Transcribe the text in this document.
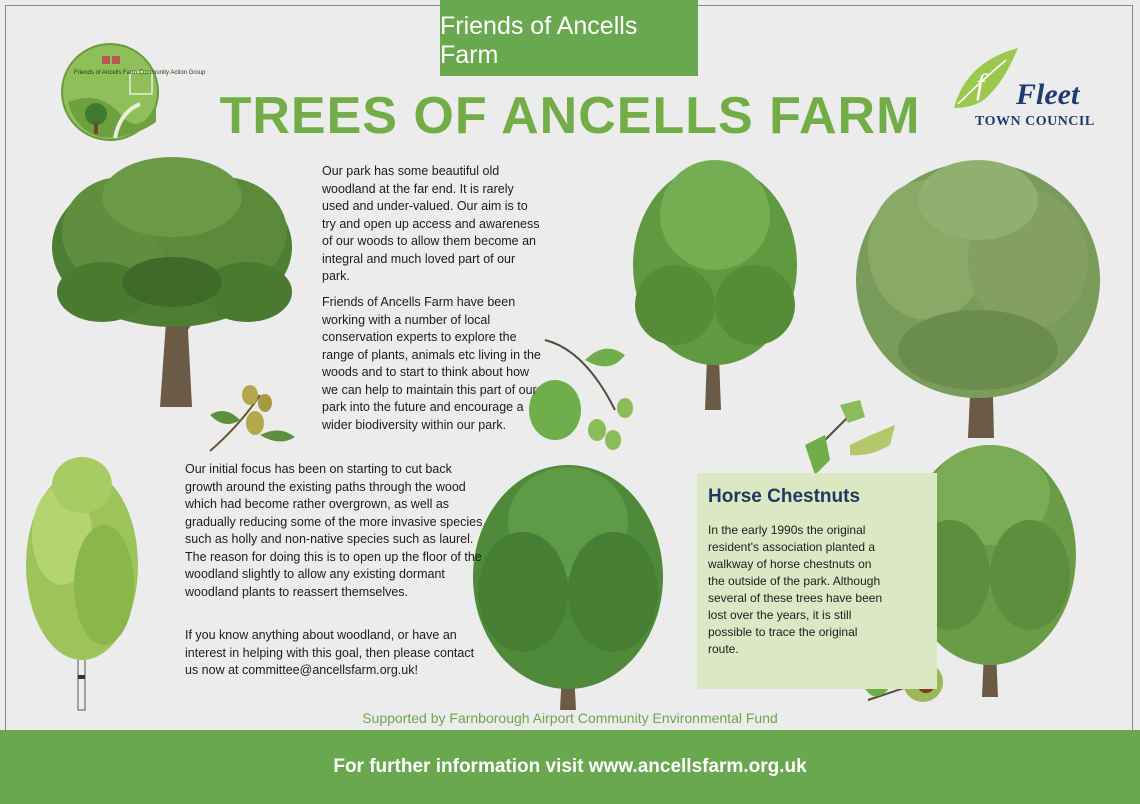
Friends of Ancells Farm
TREES OF ANCELLS FARM
Friends of Ancells Farm Community Action Group	f Fleet
TOWN COUNCIL

Our park has some beautiful old woodland at the far end. It is rarely used and under-valued. Our aim is to try and open up access and awareness of our woods to allow them become an integral and much loved part of our park.

Friends of Ancells Farm have been working with a number of local conservation experts to explore the range of plants, animals etc living in the woods and to start to think about how we can help to maintain this part of our park into the future and encourage a wider biodiversity within our park.

Our initial focus has been on starting to cut back growth around the existing paths through the wood which had become rather overgrown, as well as gradually reducing some of the more invasive species such as holly and non-native species such as laurel. The reason for doing this is to open up the floor of the woodland slightly to allow any existing dormant woodland plants to reassert themselves.

If you know anything about woodland, or have an interest in helping with this goal, then please contact us now at committee@ancellsfarm.org.uk!

Horse Chestnuts

In the early 1990s the original resident's association planted a walkway of horse chestnuts on the outside of the park. Although several of these trees have been lost over the years, it is still possible to trace the original route.

Supported by Farnborough Airport Community Environmental Fund
For further information visit www.ancellsfarm.org.uk
